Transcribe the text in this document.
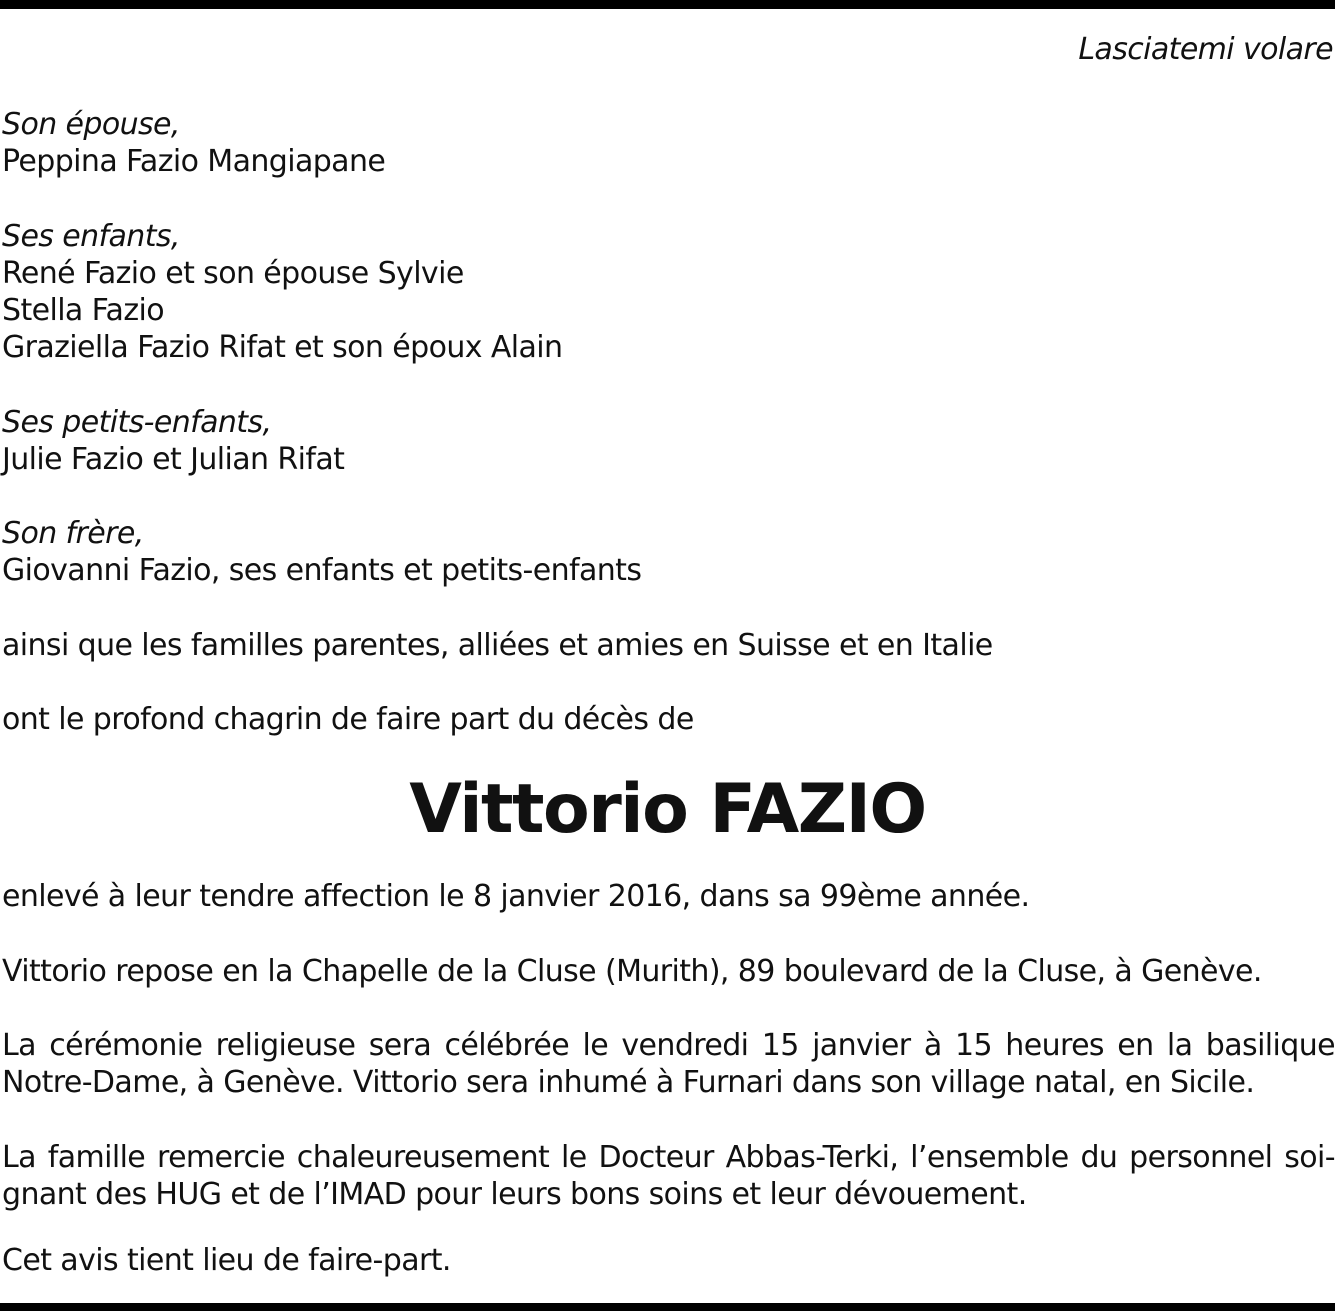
Lasciatemi volare
Son épouse,
Peppina Fazio Mangiapane
Ses enfants,
René Fazio et son épouse Sylvie
Stella Fazio
Graziella Fazio Rifat et son époux Alain
Ses petits-enfants,
Julie Fazio et Julian Rifat
Son frère,
Giovanni Fazio, ses enfants et petits-enfants
ainsi que les familles parentes, alliées et amies en Suisse et en Italie
ont le profond chagrin de faire part du décès de
Vittorio FAZIO
enlevé à leur tendre affection le 8 janvier 2016, dans sa 99ème année.
Vittorio repose en la Chapelle de la Cluse (Murith), 89 boulevard de la Cluse, à Genève.
La cérémonie religieuse sera célébrée le vendredi 15 janvier à 15 heures en la basilique
Notre-Dame, à Genève. Vittorio sera inhumé à Furnari dans son village natal, en Sicile.
La famille remercie chaleureusement le Docteur Abbas-Terki, l’ensemble du personnel soi-
gnant des HUG et de l’IMAD pour leurs bons soins et leur dévouement.
Cet avis tient lieu de faire-part.
